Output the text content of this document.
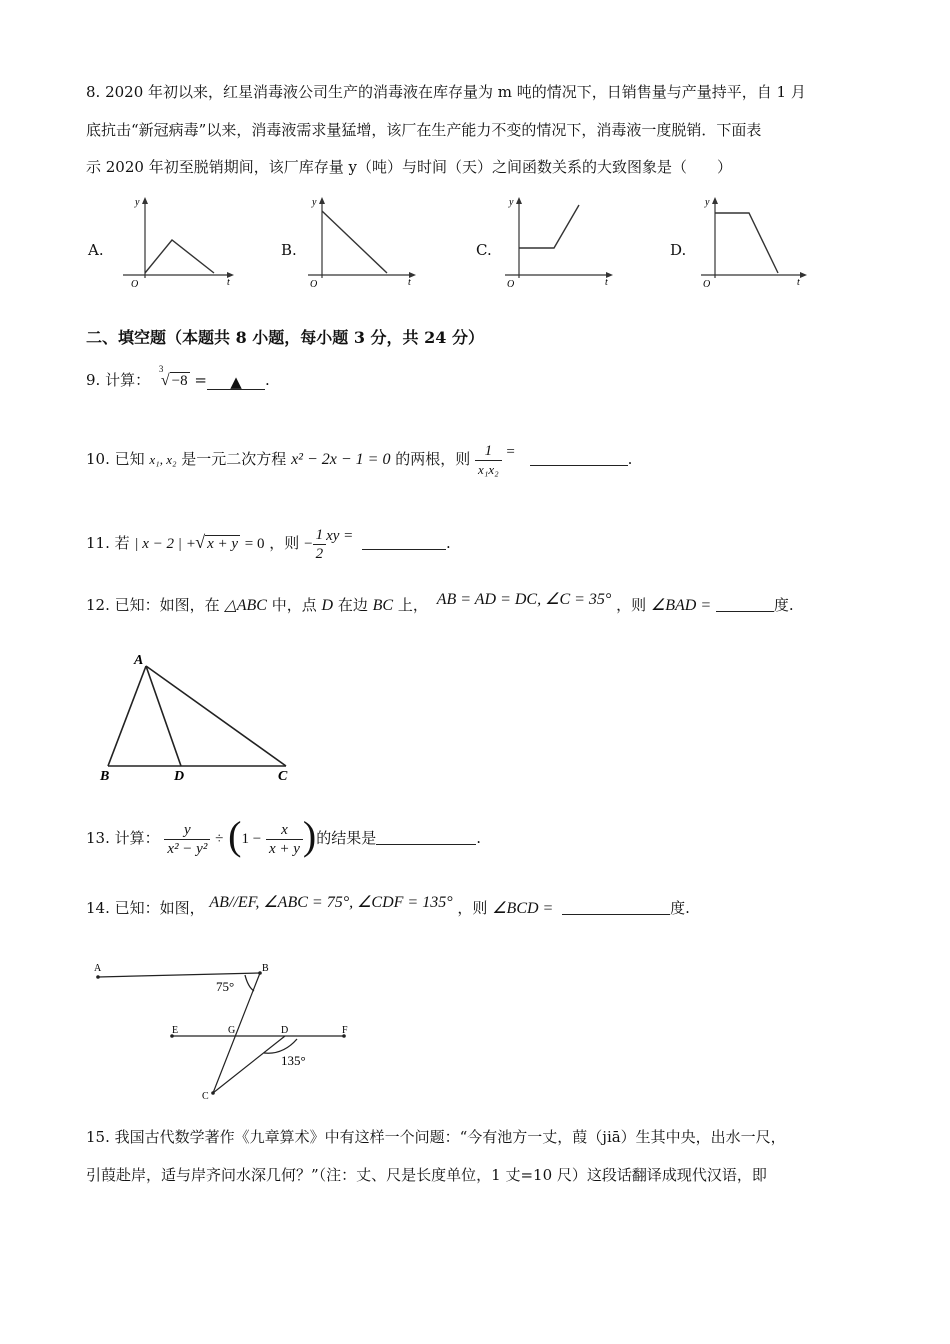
8. 2020 年初以来，红星消毒液公司生产的消毒液在库存量为 m 吨的情况下，日销售量与产量持平，自 1 月
底抗击“新冠病毒”以来，消毒液需求量猛增，该厂在生产能力不变的情况下，消毒液一度脱销．下面表
示 2020 年初至脱销期间，该厂库存量 y（吨）与时间（天）之间函数关系的大致图象是（　　）
A.
y
t
O
B.
y
t
O
C.
y
t
O
D.
y
t
O
二、填空题（本题共 8 小题，每小题 3 分，共 24 分）
9. 计算：
3
√ −8 = ▲ .
10. 已知 x₁, x₂ 是一元二次方程 x² − 2x − 1 = 0 的两根，则 $\frac{1}{\text{x₁x₂}}$ =	.
11. 若 | x − 2 | +√ x + y = 0 ，则 − $\frac{1}{2}$ xy =	.
12. 已知：如图，在 △ABC 中，点 D 在边 BC 上， AB = AD = DC, ∠C = 35° ，则 ∠BAD =	度.
A
B	D	C
13. 计算： $\frac{y}{\text{x² − y²}} \div (1 - \frac{x}{x + y}$ )的结果是	.
14. 已知：如图， AB//EF, ∠ABC = 75°, ∠CDF = 135° ，则 ∠BCD =	度.
A	B
E	G	D	F
C
75°
135°
15. 我国古代数学著作《九章算术》中有这样一个问题：“今有池方一丈，葭（jiā）生其中央，出水一尺，
引葭赴岸，适与岸齐问水深几何？”（注：丈、尺是长度单位，1 丈=10 尺）这段话翻译成现代汉语，即
